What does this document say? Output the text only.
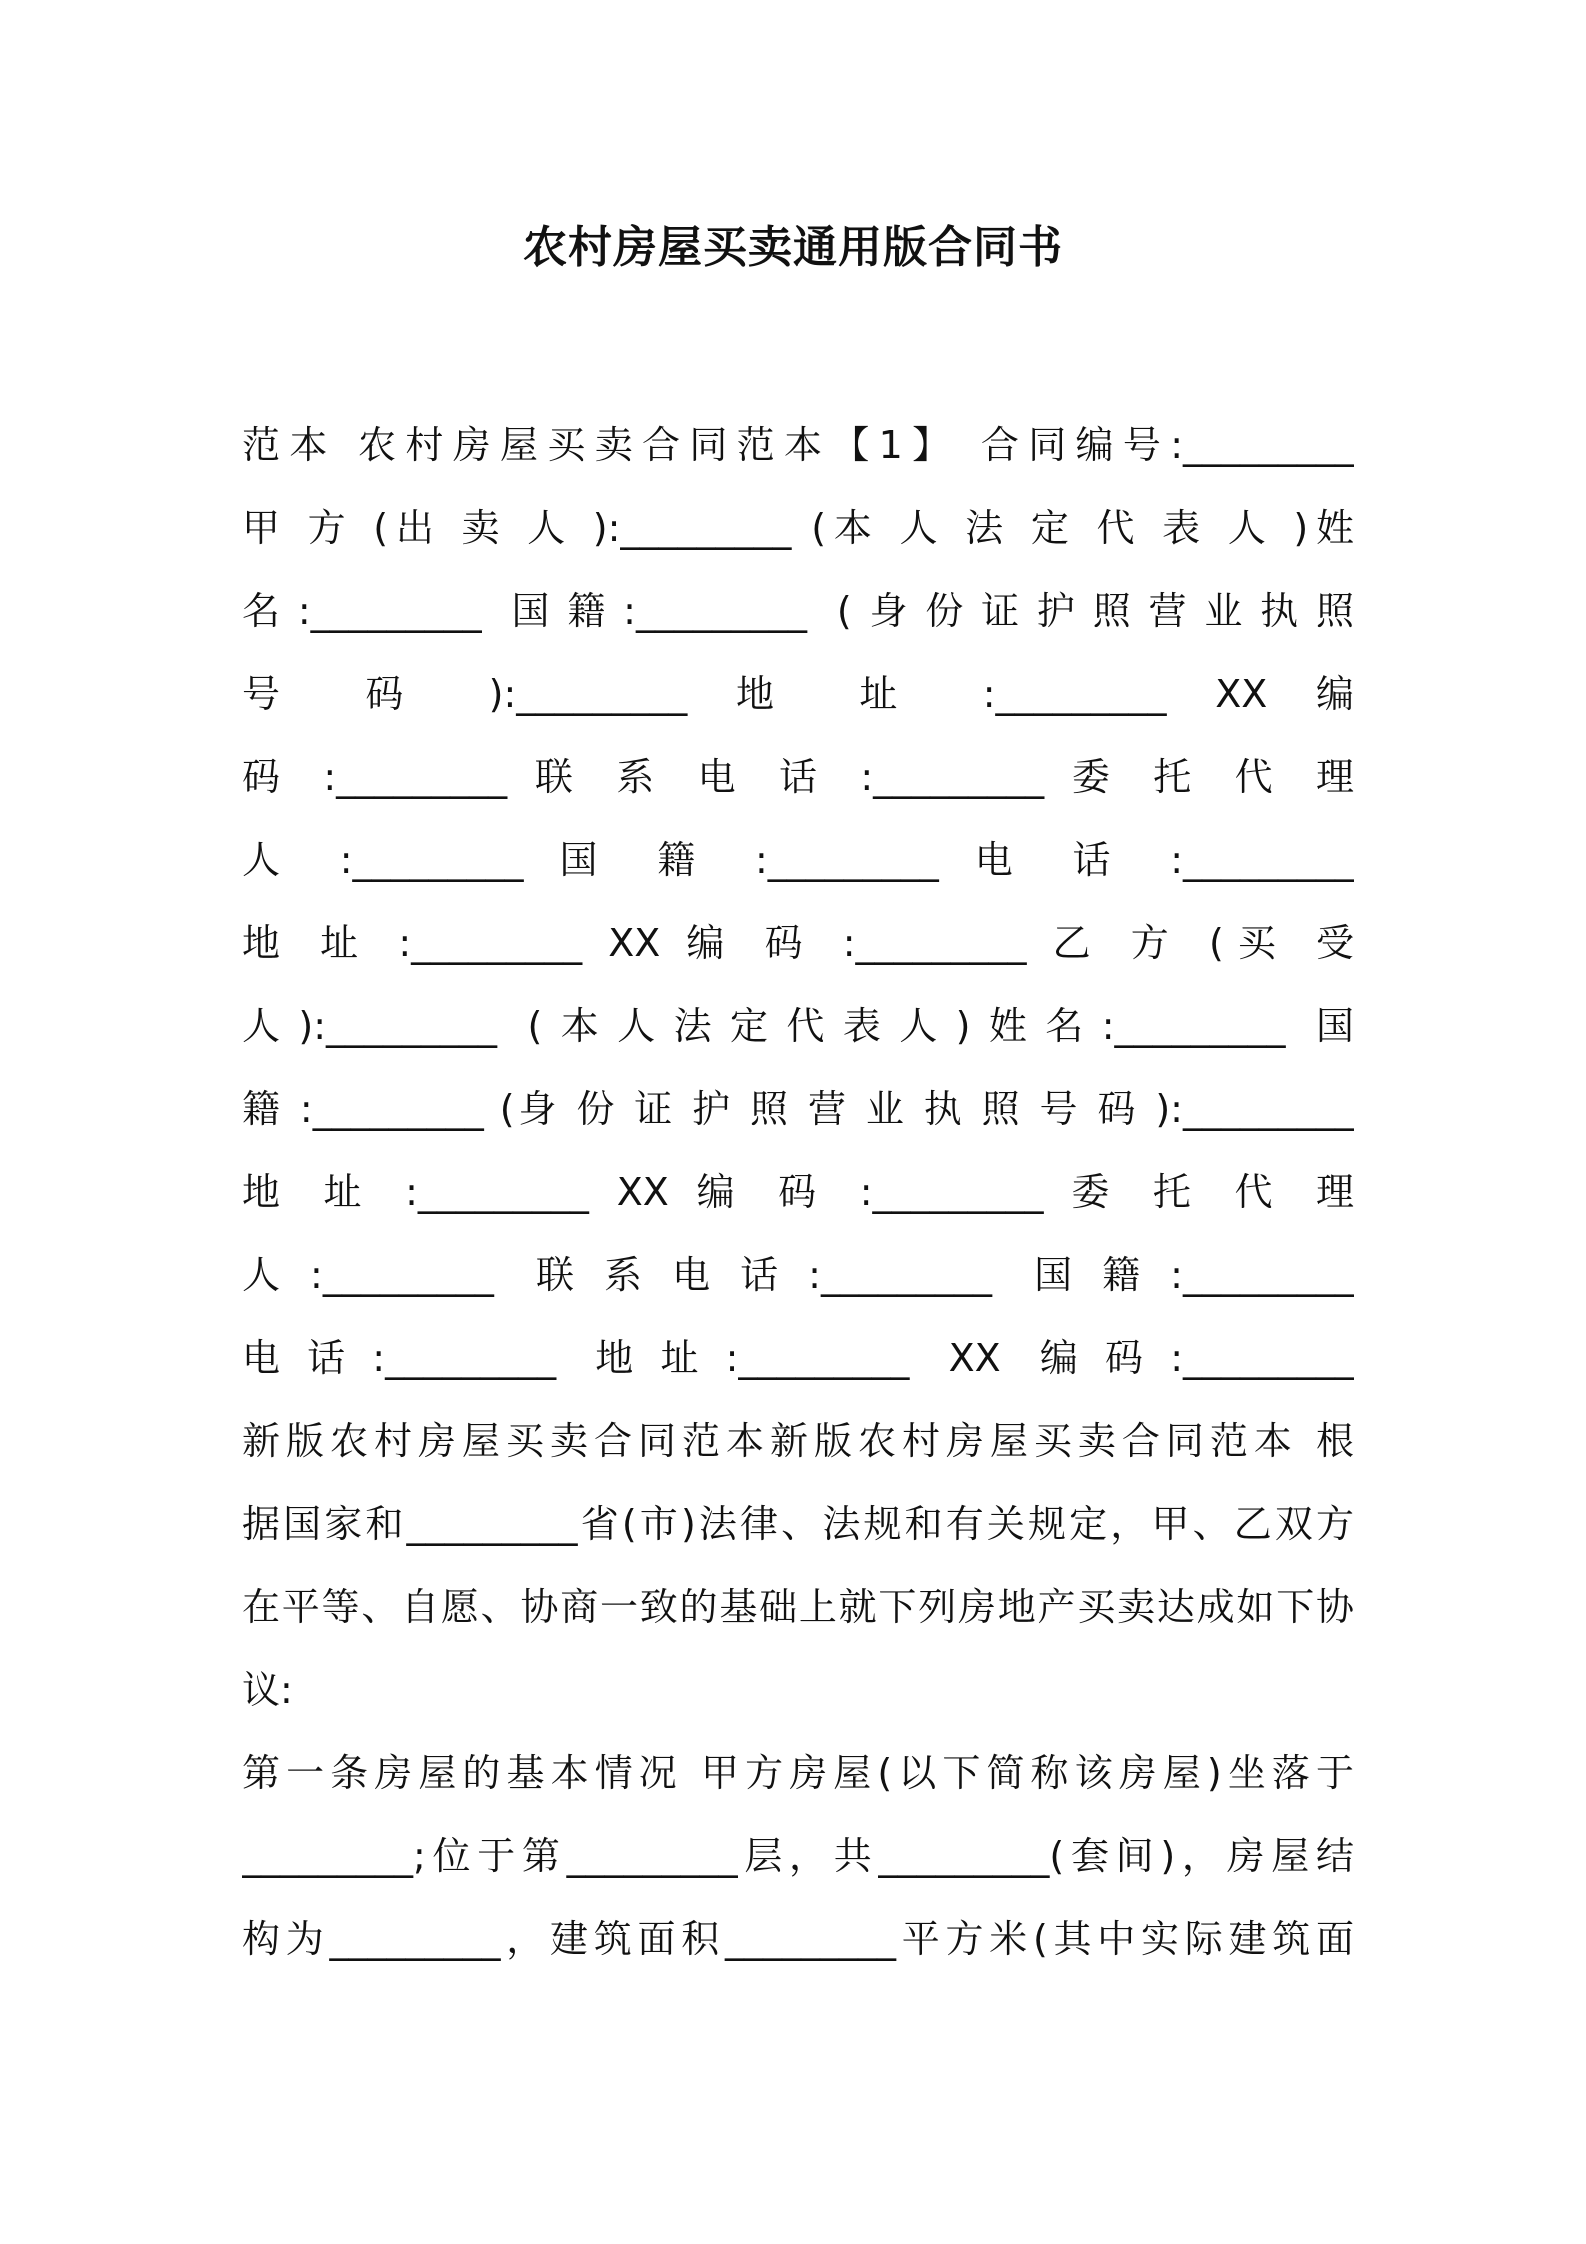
农村房屋买卖通用版合同书
范本 农村房屋买卖合同范本【1】 合同编号:_________
甲 方 (出 卖 人 ):_________ (本 人 法 定 代 表 人 )姓
名:_________ 国籍:_________ (身份证护照营业执照
号 码 ):_________ 地 址 :_________ XX 编
码 :_________ 联 系 电 话 :_________ 委 托 代 理
人 :_________ 国 籍 :_________ 电 话 :_________
地 址 :_________ XX 编 码 :_________ 乙 方 (买 受
人):_________ (本人法定代表人)姓名:_________ 国
籍 :_________ (身 份 证 护 照 营 业 执 照 号 码 ):_________
地 址 :_________ XX 编 码 :_________ 委 托 代 理
人:_________ 联系电话:_________ 国籍:_________
电话:_________ 地址:_________ XX 编码:_________
新版农村房屋买卖合同范本新版农村房屋买卖合同范本 根
据国家和_________省(市)法律、法规和有关规定，甲、乙双方
在平等、自愿、协商一致的基础上就下列房地产买卖达成如下协
议:
第一条房屋的基本情况 甲方房屋(以下简称该房屋)坐落于
_________;位于第_________层，共_________(套间)，房屋结
构为_________，建筑面积_________平方米(其中实际建筑面
